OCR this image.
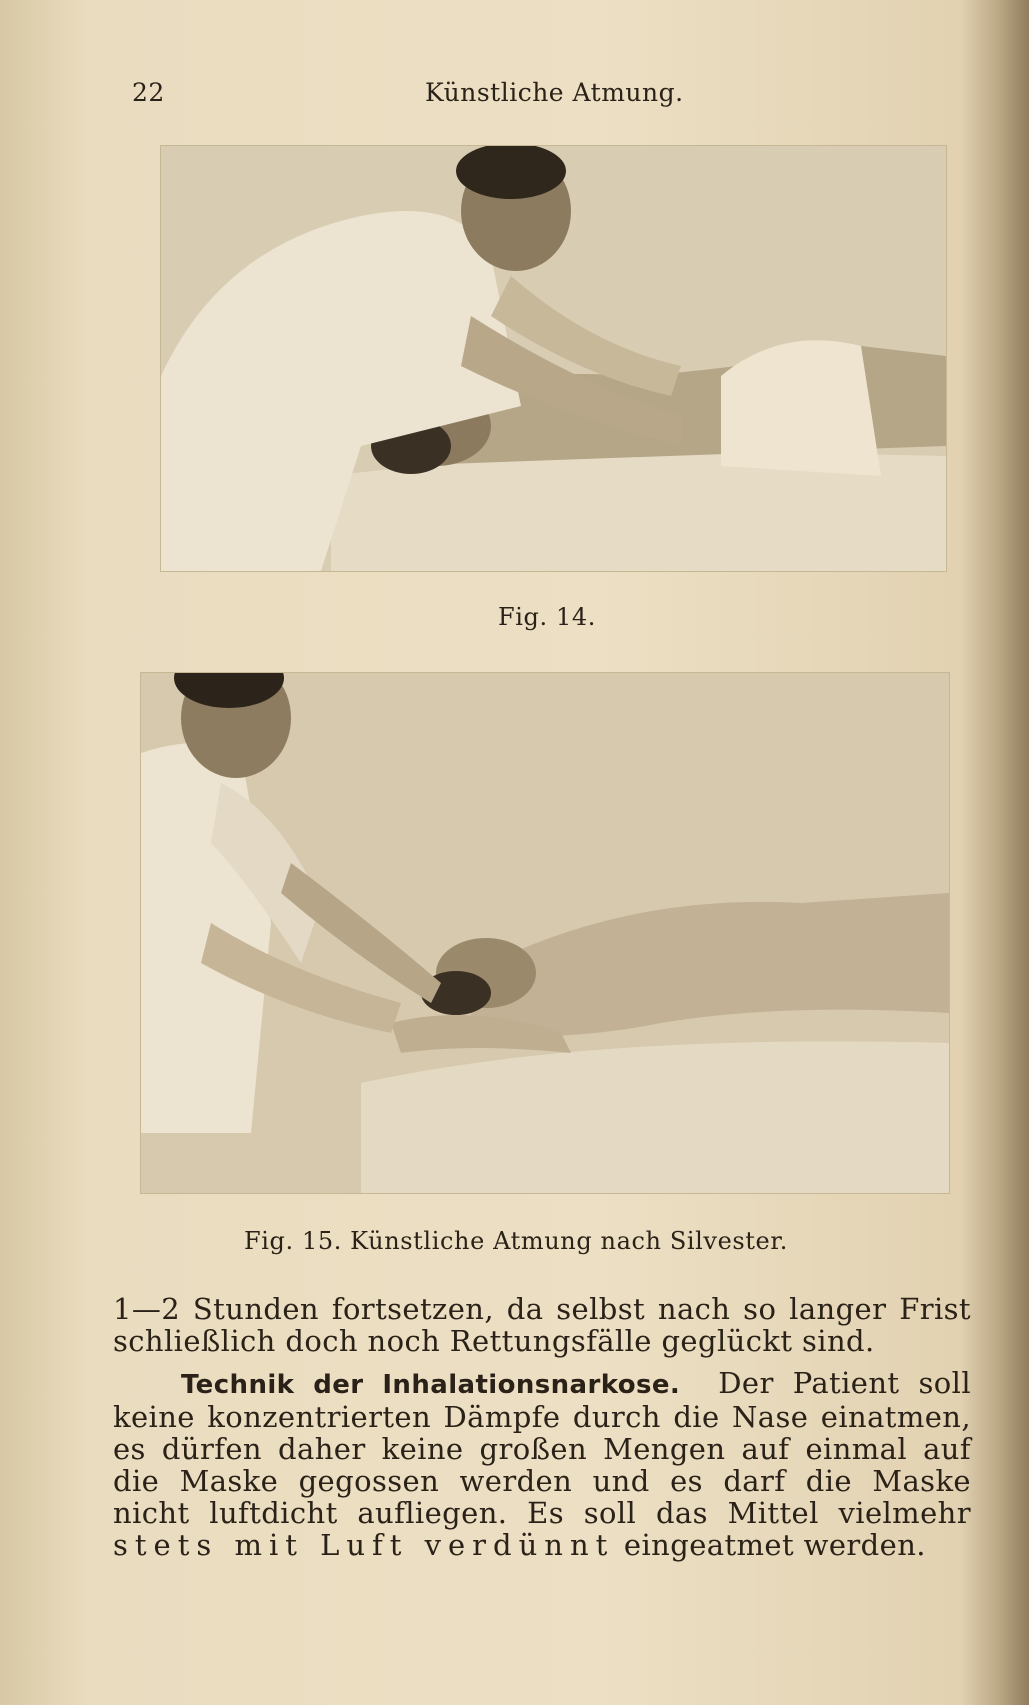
22	Künstliche Atmung.
Fig. 14.
Fig. 15. Künstliche Atmung nach Silvester.
1—2 Stunden fortsetzen, da selbst nach so langer Frist
schließlich doch noch Rettungsfälle geglückt sind.
Technik der Inhalationsnarkose. Der Patient soll
keine konzentrierten Dämpfe durch die Nase einatmen,
es dürfen daher keine großen Mengen auf einmal auf
die Maske gegossen werden und es darf die Maske
nicht luftdicht aufliegen. Es soll das Mittel vielmehr
stets mit Luft verdünnt eingeatmet werden.
